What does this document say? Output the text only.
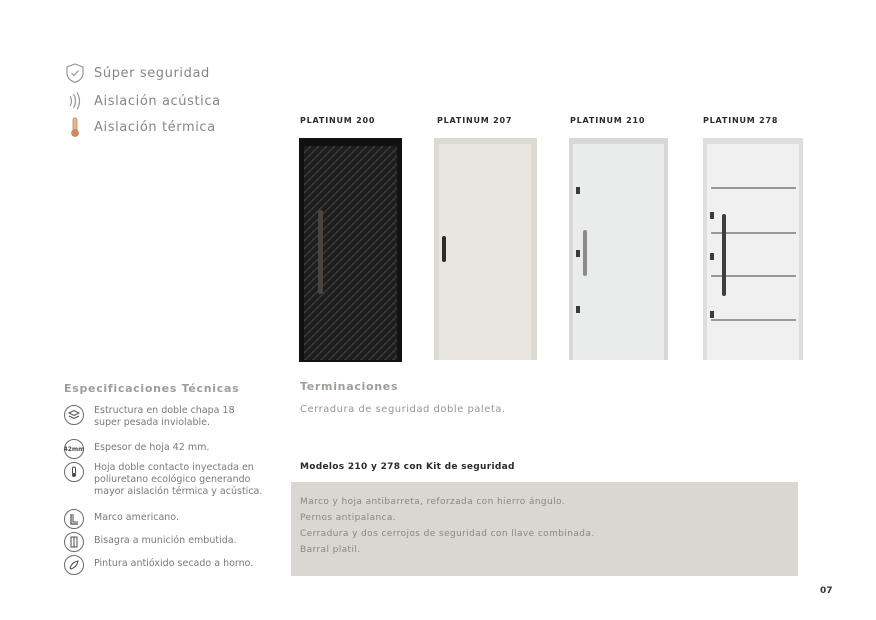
Súper seguridad
Aislación acústica
Aislación térmica	PLATINUM 200	PLATINUM 207	PLATINUM 210	PLATINUM 278
Especificaciones Técnicas
Estructura en doble chapa 18 super pesada inviolable.
42mm Espesor de hoja 42 mm.
Hoja doble contacto inyectada en poliuretano ecológico generando mayor aislación térmica y acústica.
Marco americano.
Bisagra a munición embutida.
Pintura antióxido secado a horno.
Terminaciones
Cerradura de seguridad doble paleta.
Modelos 210 y 278 con Kit de seguridad
Marco y hoja antibarreta, reforzada con hierro ángulo.
Pernos antipalanca.
Cerradura y dos cerrojos de seguridad con llave combinada.
Barral platil.
07
